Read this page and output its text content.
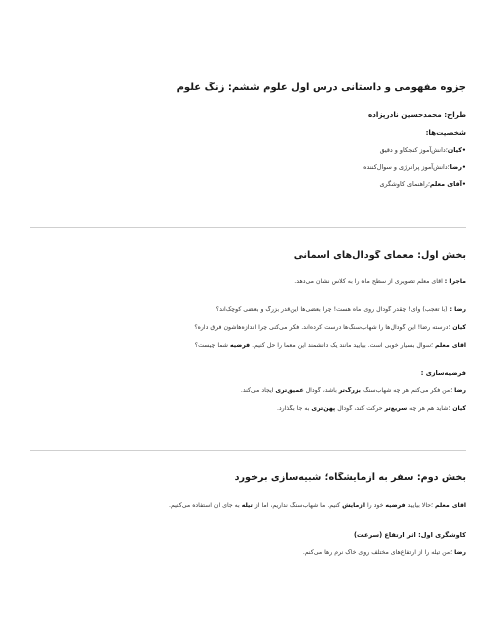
جزوه مفهومی و داستانی درس اول علوم ششم: زنگ علوم
طراح: محمدحسین نادرپزاده
شخصیت‌ها:
•کیان؛دانش‌آموز کنجکاو و دقیق
•رضا؛دانش‌آموز پرانرژی و سوال‌کننده
•آقای معلم؛راهنمای کاوشگری
بخش اول: معمای گودال‌های آسمانی
ماجرا : آقای معلم تصویری از سطح ماه را به کلاس نشان می‌دهد.
رضا : (با تعجب) وای! چقدر گودال روی ماه هست! چرا بعضی‌ها این‌قدر بزرگ و بعضی کوچک‌اند؟
کیان ؛درسته رضا! این گودال‌ها را شهاب‌سنگ‌ها درست کرده‌اند. فکر می‌کنی چرا اندازه‌هاشون فرق داره؟
آقای معلم ؛سوال بسیار خوبی است. بیایید مانند یک دانشمند این معما را حل کنیم. فرضیه شما چیست؟
فرضیه‌سازی :
رضا ؛من فکر می‌کنم هر چه شهاب‌سنگ بزرگ‌تر باشد، گودال عمیق‌تری ایجاد می‌کند.
کیان ؛شاید هم هر چه سریع‌تر حرکت کند، گودال پهن‌تری به جا بگذارد.
بخش دوم: سفر به آزمایشگاه؛ شبیه‌سازی برخورد
آقای معلم ؛حالا بیایید فرضیه خود را آزمایش کنیم. ما شهاب‌سنگ نداریم، اما از تیله به جای آن استفاده می‌کنیم.
کاوشگری اول: اثر ارتفاع (سرعت)
رضا ؛من تیله را از ارتفاع‌های مختلف روی خاک نرم رها می‌کنم.
